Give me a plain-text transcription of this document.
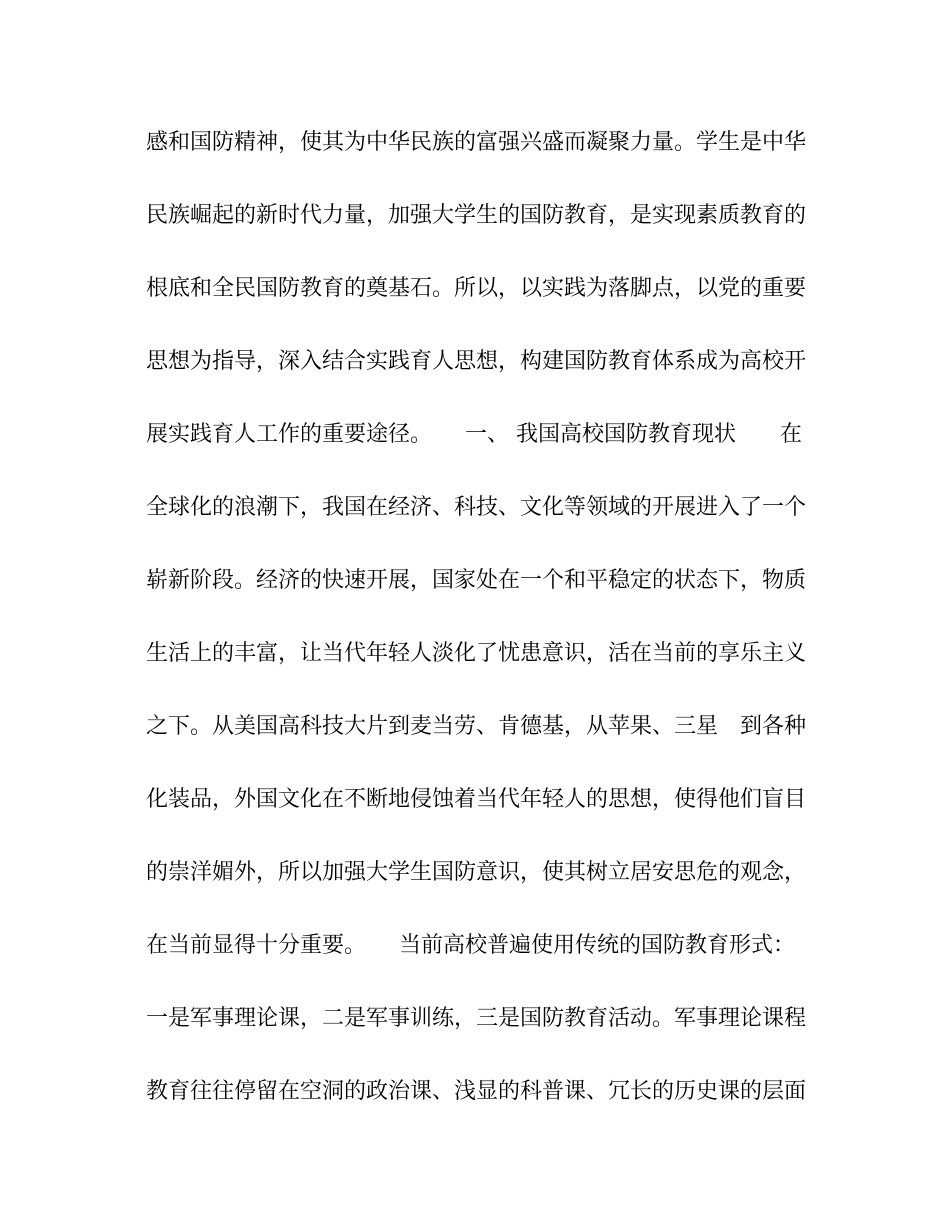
感和国防精神，使其为中华民族的富强兴盛而凝聚力量。学生是中华
民族崛起的新时代力量，加强大学生的国防教育，是实现素质教育的
根底和全民国防教育的奠基石。所以，以实践为落脚点，以党的重要
思想为指导，深入结合实践育人思想，构建国防教育体系成为高校开
展实践育人工作的重要途径。　　一、 我国高校国防教育现状　　在
全球化的浪潮下，我国在经济、科技、文化等领域的开展进入了一个
崭新阶段。经济的快速开展，国家处在一个和平稳定的状态下，物质
生活上的丰富，让当代年轻人淡化了忧患意识，活在当前的享乐主义
之下。从美国高科技大片到麦当劳、肯德基，从苹果、三星　到各种
化装品，外国文化在不断地侵蚀着当代年轻人的思想，使得他们盲目
的崇洋媚外，所以加强大学生国防意识，使其树立居安思危的观念，
在当前显得十分重要。　　当前高校普遍使用传统的国防教育形式：
一是军事理论课，二是军事训练，三是国防教育活动。军事理论课程
教育往往停留在空洞的政治课、浅显的科普课、冗长的历史课的层面
